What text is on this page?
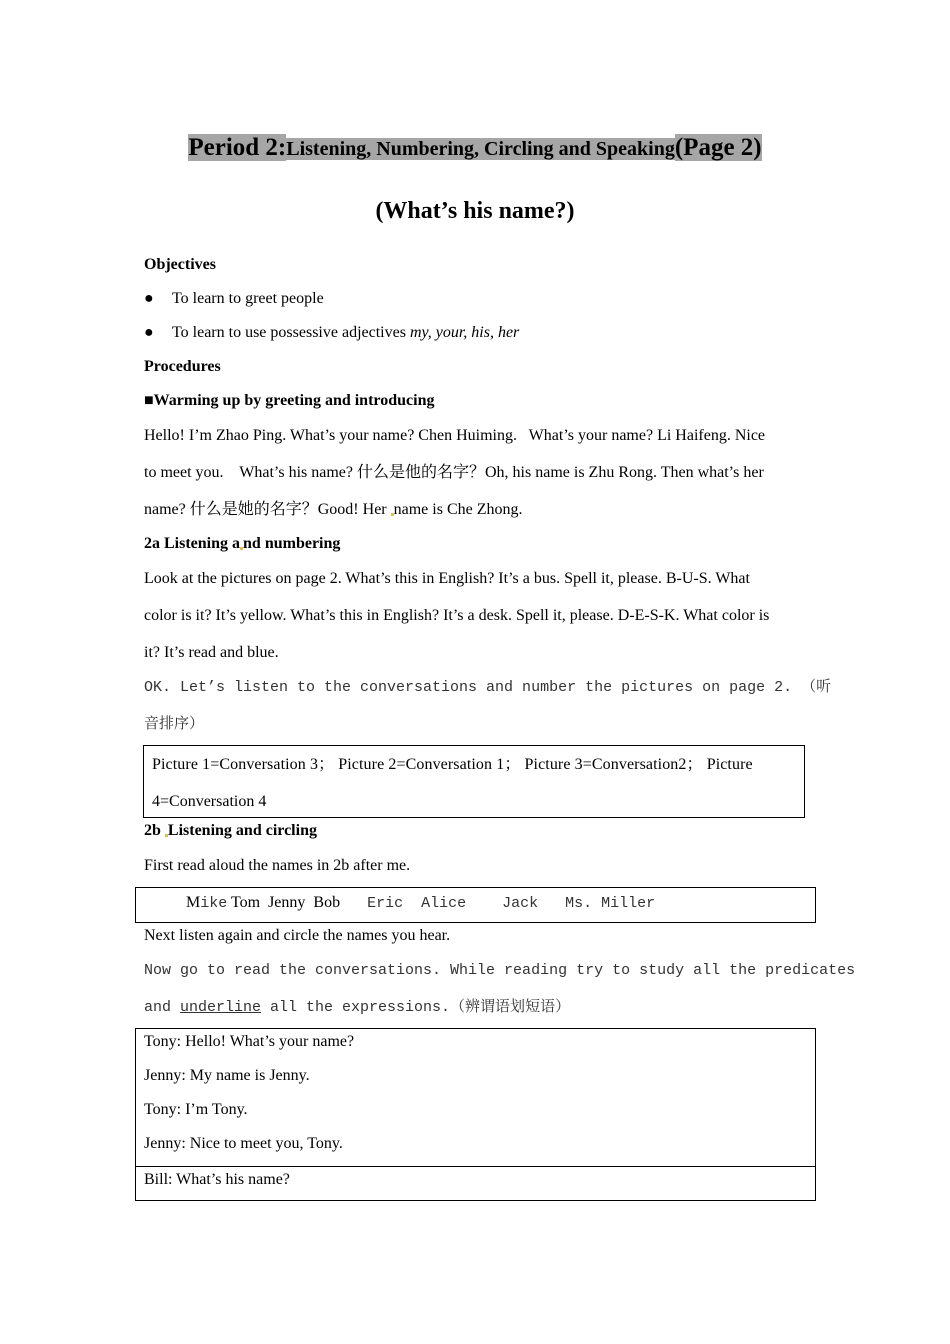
Period 2:Listening, Numbering, Circling and Speaking(Page 2)
(What’s his name?)
Objectives
● To learn to greet people
● To learn to use possessive adjectives my, your, his, her
Procedures
■Warming up by greeting and introducing
Hello! I’m Zhao Ping. What’s your name? Chen Huiming.   What’s your name? Li Haifeng. Nice
to meet you.    What’s his name? 什么是他的名字？Oh, his name is Zhu Rong. Then what’s her
name? 什么是她的名字？Good! Her name is Che Zhong.
2a Listening a nd numbering
Look at the pictures on page 2. What’s this in English? It’s a bus. Spell it, please. B-U-S. What
color is it? It’s yellow. What’s this in English? It’s a desk. Spell it, please. D-E-S-K. What color is
it? It’s read and blue.
OK. Let’s listen to the conversations and number the pictures on page 2. （听
音排序）
Picture 1=Conversation 3； Picture 2=Conversation 1； Picture 3=Conversation2； Picture
4=Conversation 4
2b Listening and circling
First read aloud the names in 2b after me.
Mike Tom  Jenny  Bob   Eric  Alice    Jack   Ms. Miller
Next listen again and circle the names you hear.
Now go to read the conversations. While reading try to study all the predicates
and underline all the expressions.（辨谓语划短语）
Tony: Hello! What’s your name?
Jenny: My name is Jenny.
Tony: I’m Tony.
Jenny: Nice to meet you, Tony.
Bill: What’s his name?
